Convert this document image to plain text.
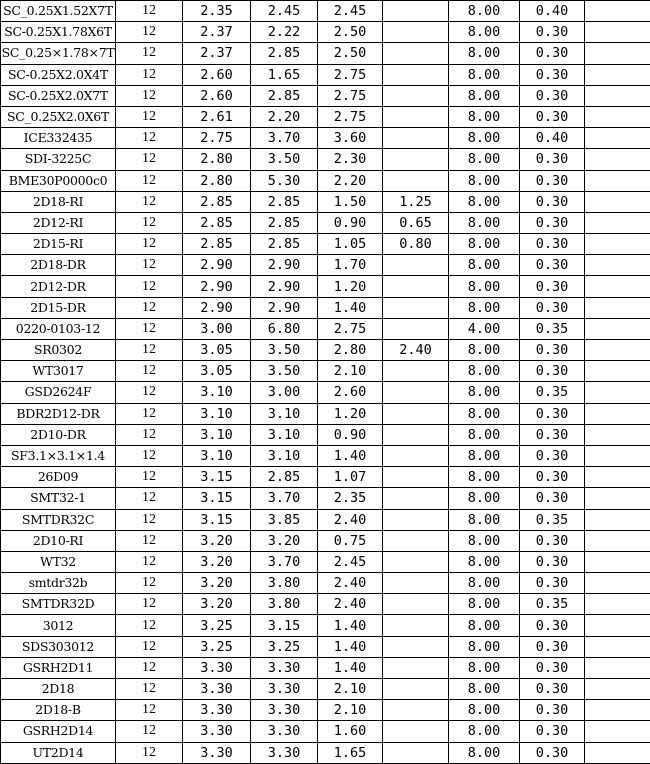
SC_0.25X1.52X7T	12	2.35	2.45	2.45		8.00	0.40	
SC-0.25X1.78X6T	12	2.37	2.22	2.50		8.00	0.30	
SC_0.25×1.78×7T	12	2.37	2.85	2.50		8.00	0.30	
SC-0.25X2.0X4T	12	2.60	1.65	2.75		8.00	0.30	
SC-0.25X2.0X7T	12	2.60	2.85	2.75		8.00	0.30	
SC_0.25X2.0X6T	12	2.61	2.20	2.75		8.00	0.30	
ICE332435	12	2.75	3.70	3.60		8.00	0.40	
SDI-3225C	12	2.80	3.50	2.30		8.00	0.30	
BME30P0000c0	12	2.80	5.30	2.20		8.00	0.30	
2D18-RI	12	2.85	2.85	1.50	1.25	8.00	0.30	
2D12-RI	12	2.85	2.85	0.90	0.65	8.00	0.30	
2D15-RI	12	2.85	2.85	1.05	0.80	8.00	0.30	
2D18-DR	12	2.90	2.90	1.70		8.00	0.30	
2D12-DR	12	2.90	2.90	1.20		8.00	0.30	
2D15-DR	12	2.90	2.90	1.40		8.00	0.30	
0220-0103-12	12	3.00	6.80	2.75		4.00	0.35	
SR0302	12	3.05	3.50	2.80	2.40	8.00	0.30	
WT3017	12	3.05	3.50	2.10		8.00	0.30	
GSD2624F	12	3.10	3.00	2.60		8.00	0.35	
BDR2D12-DR	12	3.10	3.10	1.20		8.00	0.30	
2D10-DR	12	3.10	3.10	0.90		8.00	0.30	
SF3.1×3.1×1.4	12	3.10	3.10	1.40		8.00	0.30	
26D09	12	3.15	2.85	1.07		8.00	0.30	
SMT32-1	12	3.15	3.70	2.35		8.00	0.30	
SMTDR32C	12	3.15	3.85	2.40		8.00	0.35	
2D10-RI	12	3.20	3.20	0.75		8.00	0.30	
WT32	12	3.20	3.70	2.45		8.00	0.30	
smtdr32b	12	3.20	3.80	2.40		8.00	0.30	
SMTDR32D	12	3.20	3.80	2.40		8.00	0.35	
3012	12	3.25	3.15	1.40		8.00	0.30	
SDS303012	12	3.25	3.25	1.40		8.00	0.30	
GSRH2D11	12	3.30	3.30	1.40		8.00	0.30	
2D18	12	3.30	3.30	2.10		8.00	0.30	
2D18-B	12	3.30	3.30	2.10		8.00	0.30	
GSRH2D14	12	3.30	3.30	1.60		8.00	0.30	
UT2D14	12	3.30	3.30	1.65		8.00	0.30	
